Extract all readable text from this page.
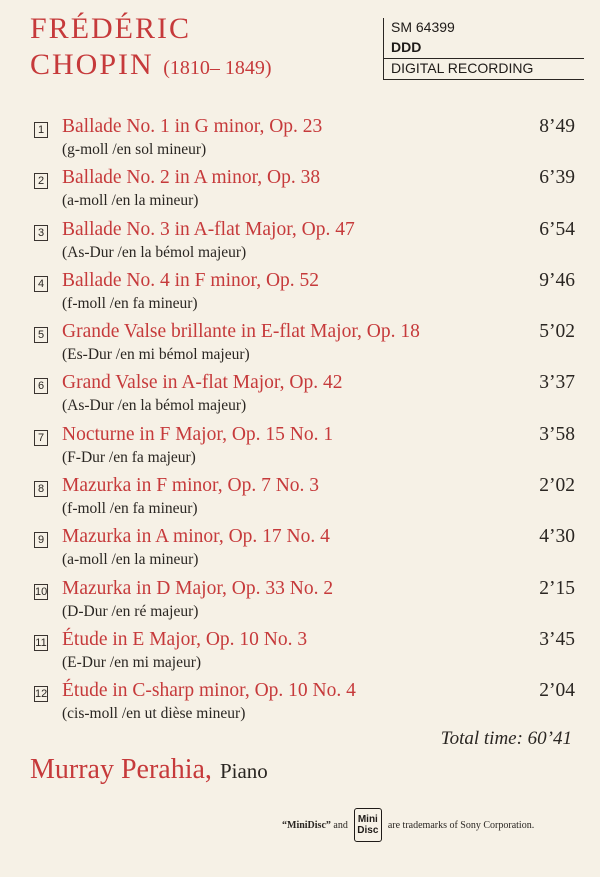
FRÉDÉRIC
CHOPIN (1810– 1849)
SM 64399
DDD
DIGITAL RECORDING
1 Ballade No. 1 in G minor, Op. 23
(g-moll /en sol mineur)
8’49
2 Ballade No. 2 in A minor, Op. 38
(a-moll /en la mineur)
6’39
3 Ballade No. 3 in A-flat Major, Op. 47
(As-Dur /en la bémol majeur)
6’54
4 Ballade No. 4 in F minor, Op. 52
(f-moll /en fa mineur)
9’46
5 Grande Valse brillante in E-flat Major, Op. 18
(Es-Dur /en mi bémol majeur)
5’02
6 Grand Valse in A-flat Major, Op. 42
(As-Dur /en la bémol majeur)
3’37
7 Nocturne in F Major, Op. 15 No. 1
(F-Dur /en fa majeur)
3’58
8 Mazurka in F minor, Op. 7 No. 3
(f-moll /en fa mineur)
2’02
9 Mazurka in A minor, Op. 17 No. 4
(a-moll /en la mineur)
4’30
10 Mazurka in D Major, Op. 33 No. 2
(D-Dur /en ré majeur)
2’15
11 Étude in E Major, Op. 10 No. 3
(E-Dur /en mi majeur)
3’45
12 Étude in C-sharp minor, Op. 10 No. 4
(cis-moll /en ut dièse mineur)
2’04
Total time: 60’41
Murray Perahia, Piano
“MiniDisc”
and Mini
Disc are trademarks of Sony Corporation.
